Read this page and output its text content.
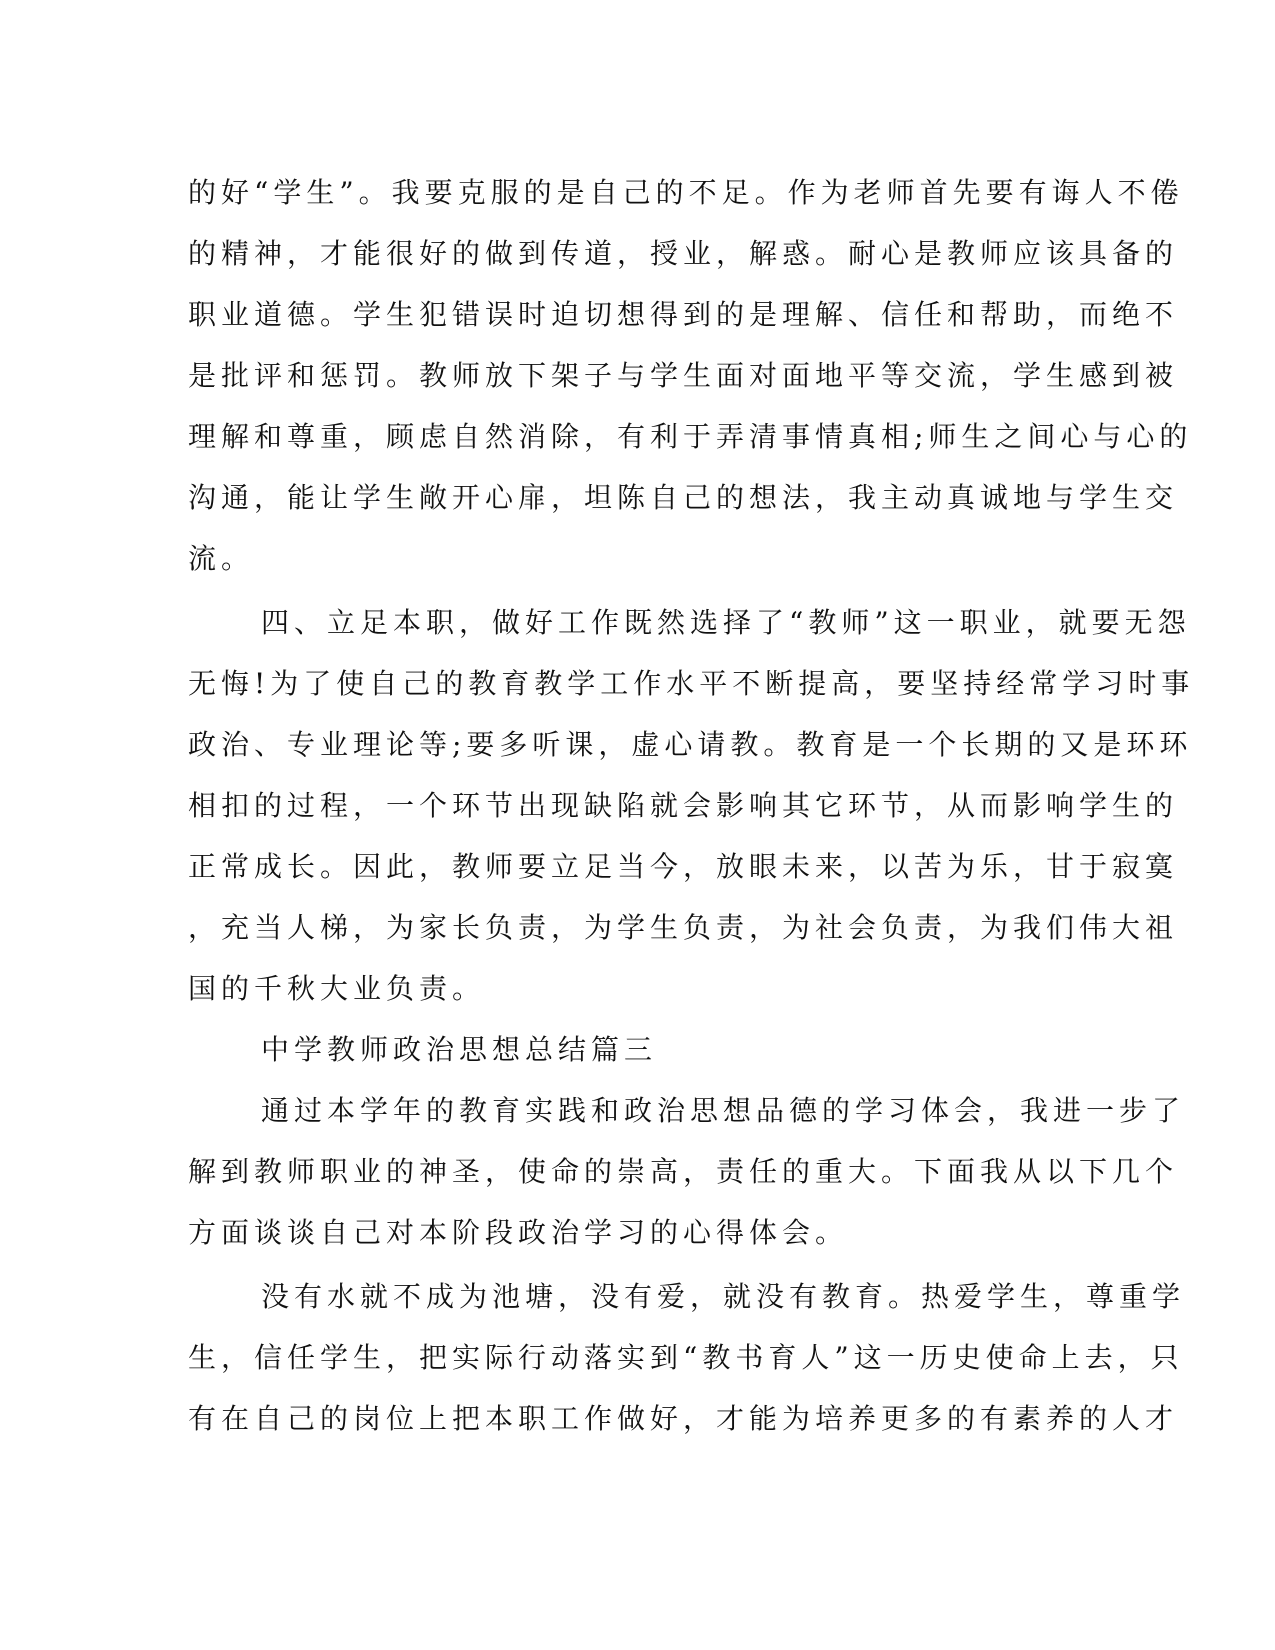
的好“学生”。我要克服的是自己的不足。作为老师首先要有诲人不倦
的精神，才能很好的做到传道，授业，解惑。耐心是教师应该具备的
职业道德。学生犯错误时迫切想得到的是理解、信任和帮助，而绝不
是批评和惩罚。教师放下架子与学生面对面地平等交流，学生感到被
理解和尊重，顾虑自然消除，有利于弄清事情真相;师生之间心与心的
沟通，能让学生敞开心扉，坦陈自己的想法，我主动真诚地与学生交
流。
四、立足本职，做好工作既然选择了“教师”这一职业，就要无怨
无悔!为了使自己的教育教学工作水平不断提高，要坚持经常学习时事
政治、专业理论等;要多听课，虚心请教。教育是一个长期的又是环环
相扣的过程，一个环节出现缺陷就会影响其它环节，从而影响学生的
正常成长。因此，教师要立足当今，放眼未来，以苦为乐，甘于寂寞
，充当人梯，为家长负责，为学生负责，为社会负责，为我们伟大祖
国的千秋大业负责。
中学教师政治思想总结篇三
通过本学年的教育实践和政治思想品德的学习体会，我进一步了
解到教师职业的神圣，使命的崇高，责任的重大。下面我从以下几个
方面谈谈自己对本阶段政治学习的心得体会。
没有水就不成为池塘，没有爱，就没有教育。热爱学生，尊重学
生，信任学生，把实际行动落实到“教书育人”这一历史使命上去，只
有在自己的岗位上把本职工作做好，才能为培养更多的有素养的人才
